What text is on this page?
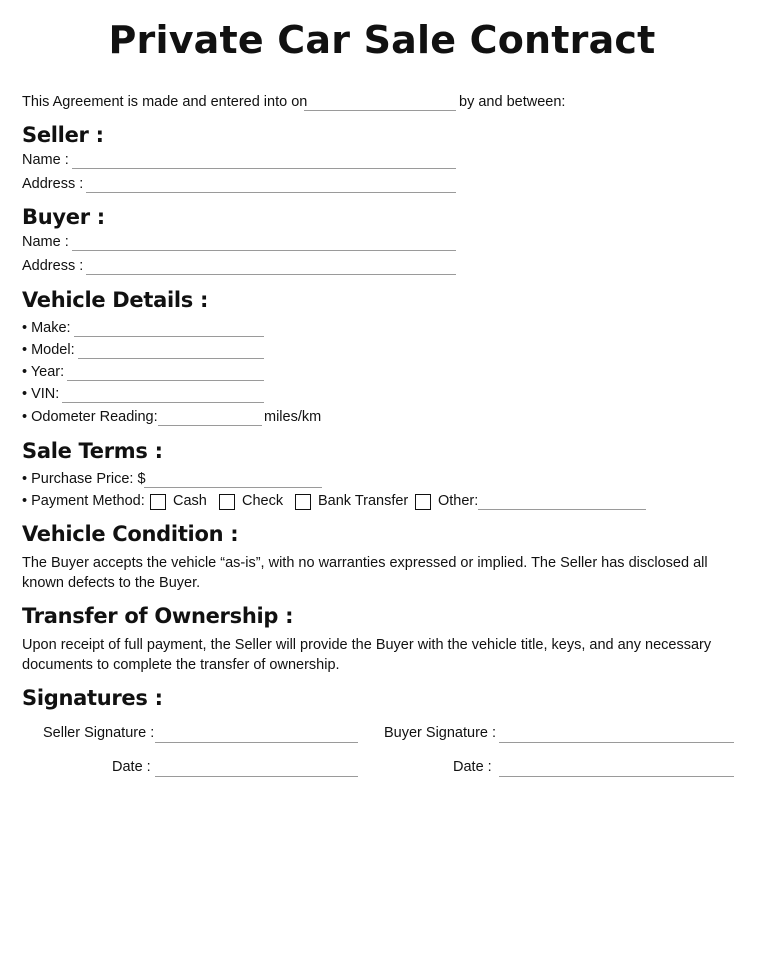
Private Car Sale Contract
This Agreement is made and entered into on	by and between:
Seller :
Name :
Address :
Buyer :
Name :
Address :
Vehicle Details :
• Make:
• Model:
• Year:
• VIN:
• Odometer Reading:	miles/km
Sale Terms :
• Purchase Price: $
• Payment Method: Cash Check Bank Transfer Other:
Vehicle Condition :
The Buyer accepts the vehicle “as-is”, with no warranties expressed or implied. The Seller has disclosed all known defects to the Buyer.
Transfer of Ownership :
Upon receipt of full payment, the Seller will provide the Buyer with the vehicle title, keys, and any necessary documents to complete the transfer of ownership.
Signatures :
Seller Signature :	Buyer Signature :
Date :	Date :
